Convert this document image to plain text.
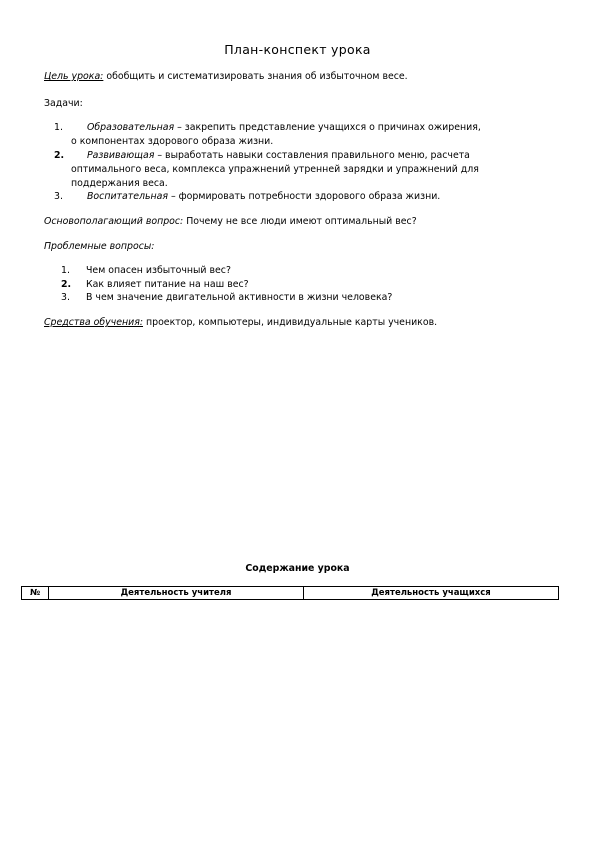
План-конспект урока
Цель урока: обобщить и систематизировать знания об избыточном весе.
Задачи:
1.	Образовательная – закрепить представление учащихся о причинах ожирения,
о компонентах здорового образа жизни.
2. Развивающая – выработать навыки составления правильного меню, расчета
оптимального веса, комплекса упражнений утренней зарядки и упражнений для
поддержания веса.
3.	Воспитательная – формировать потребности здорового образа жизни.
Основополагающий вопрос: Почему не все люди имеют оптимальный вес?
Проблемные вопросы:
1. Чем опасен избыточный вес?
2. Как влияет питание на наш вес?
3. В чем значение двигательной активности в жизни человека?
Средства обучения: проектор, компьютеры, индивидуальные карты учеников.
Содержание урока
№	Деятельность учителя	Деятельность учащихся
